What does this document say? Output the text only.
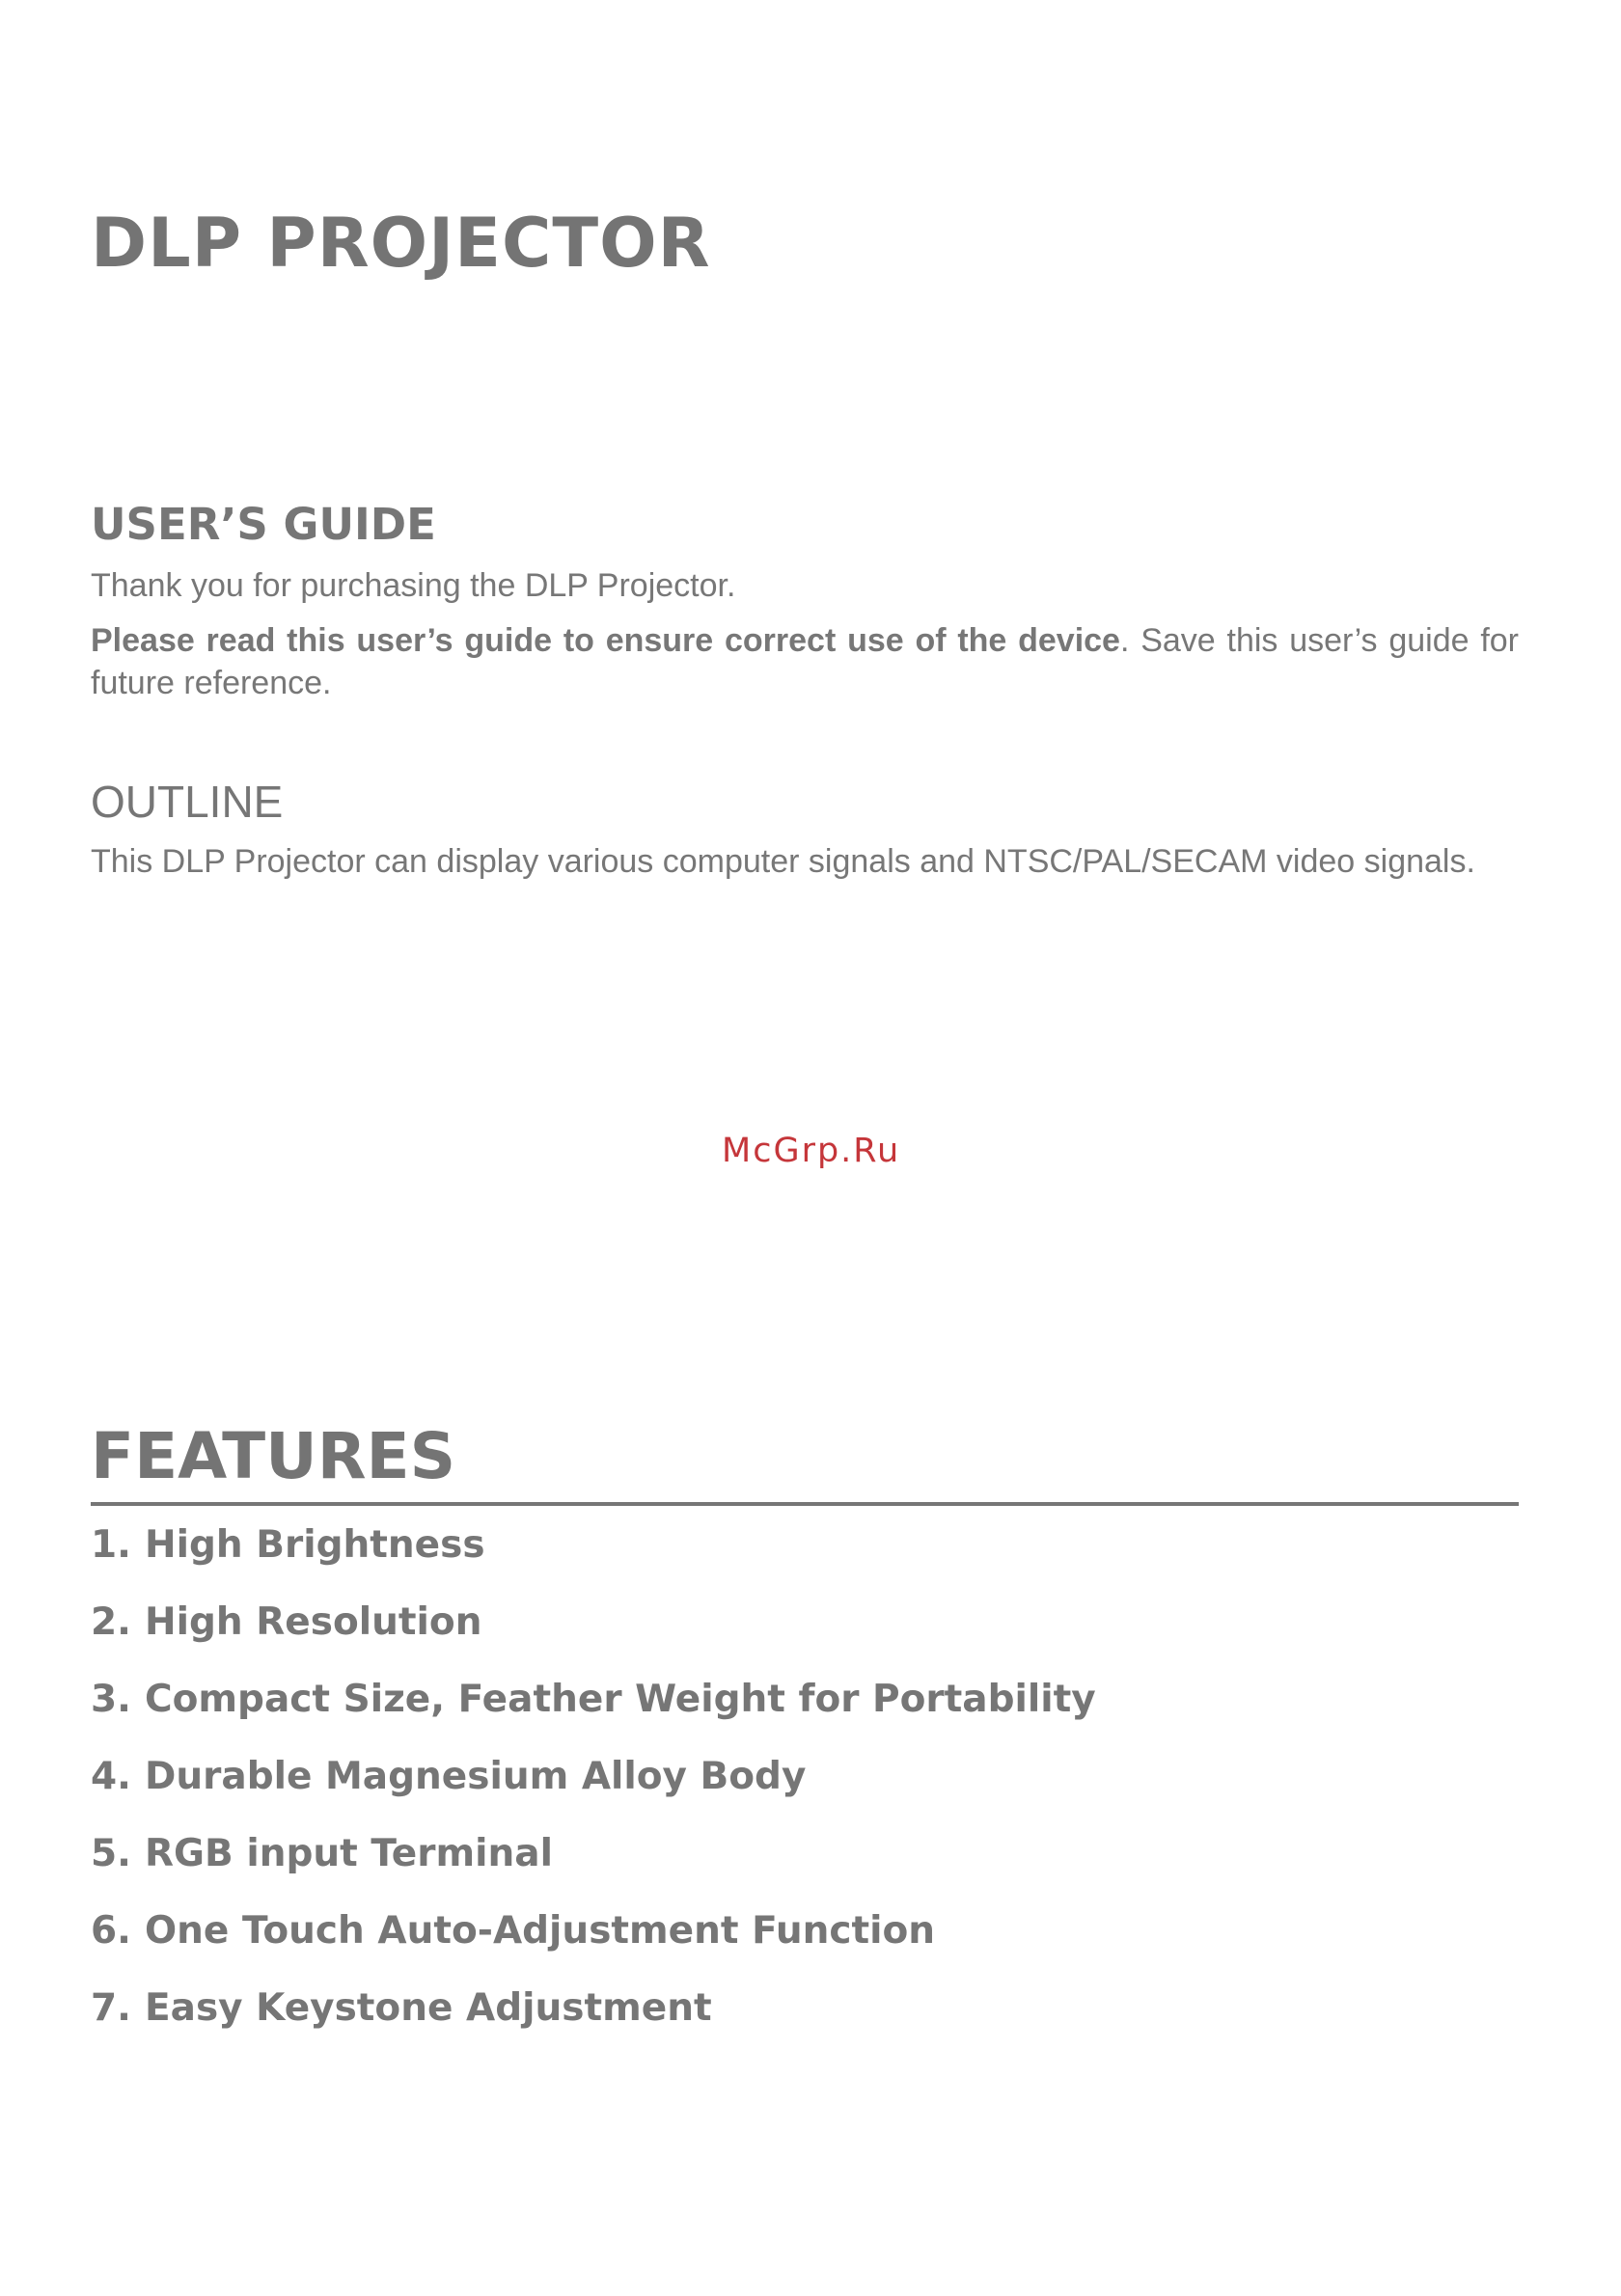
DLP PROJECTOR
USER’S GUIDE

Thank you for purchasing the DLP Projector.

Please read this user’s guide to ensure correct use of the device. Save this user’s guide for future reference.

OUTLINE

This DLP Projector can display various computer signals and NTSC/PAL/SECAM video signals.

McGrp.Ru

FEATURES
1. High Brightness
2. High Resolution
3. Compact Size, Feather Weight for Portability
4. Durable Magnesium Alloy Body
5. RGB input Terminal
6. One Touch Auto-Adjustment Function
7. Easy Keystone Adjustment
